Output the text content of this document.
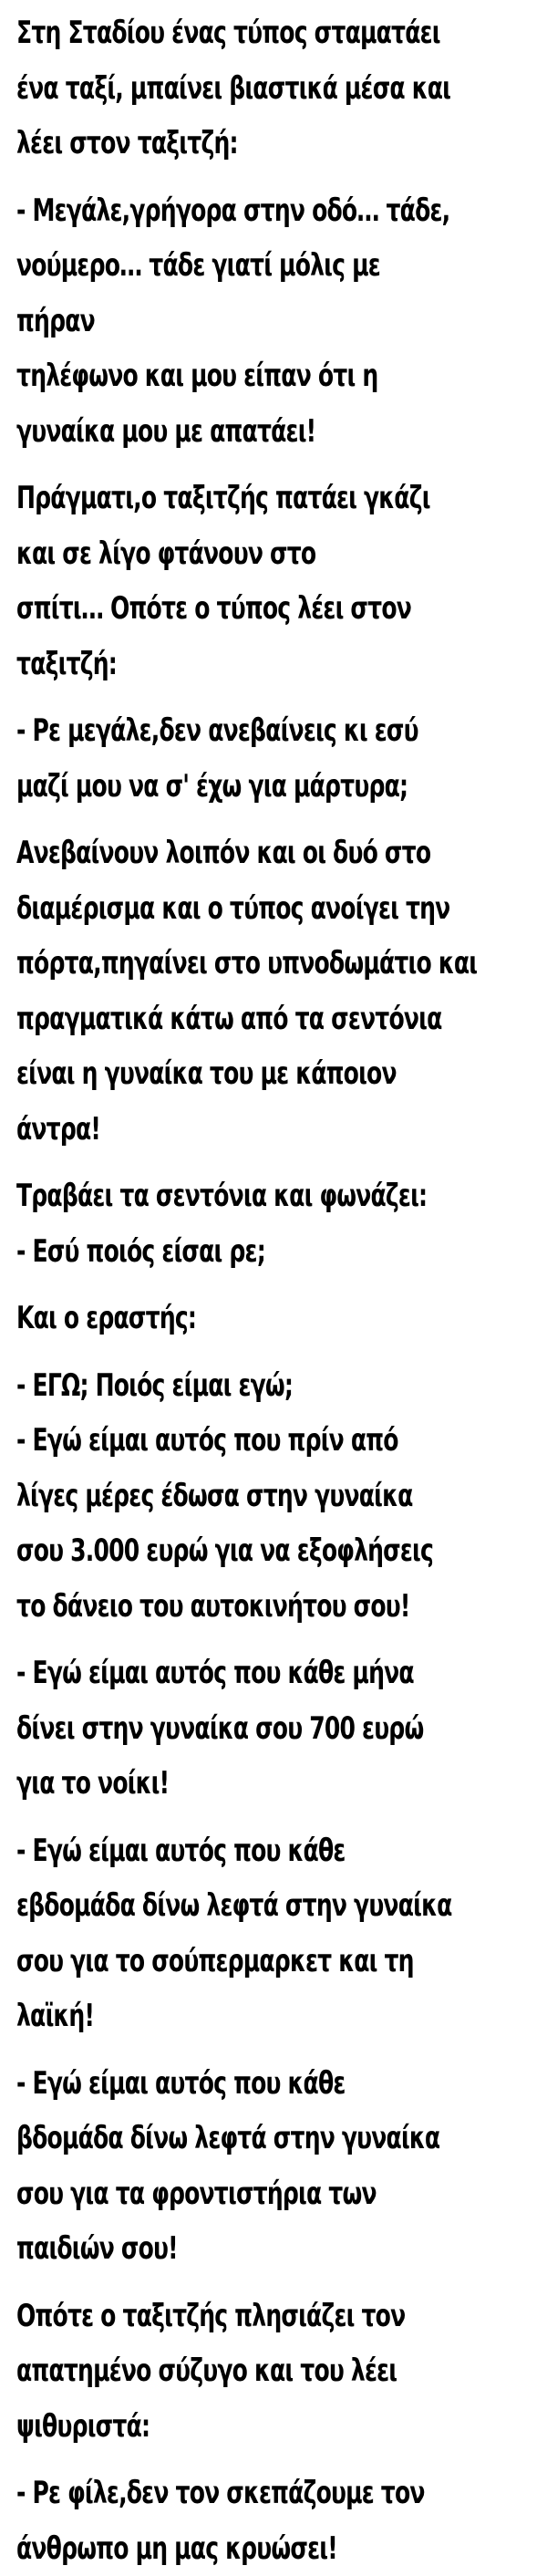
Στη Σταδίου ένας τύπος σταματάει
ένα ταξί, μπαίνει βιαστικά μέσα και
λέει στον ταξιτζή:
- Μεγάλε,γρήγορα στην οδό… τάδε,
νούμερο… τάδε γιατί μόλις με
πήραν
τηλέφωνο και μου είπαν ότι η
γυναίκα μου με απατάει!
Πράγματι,ο ταξιτζής πατάει γκάζι
και σε λίγο φτάνουν στο
σπίτι… Οπότε ο τύπος λέει στον
ταξιτζή:
- Ρε μεγάλε,δεν ανεβαίνεις κι εσύ
μαζί μου να σ' έχω για μάρτυρα;
Ανεβαίνουν λοιπόν και οι δυό στο
διαμέρισμα και ο τύπος ανοίγει την
πόρτα,πηγαίνει στο υπνοδωμάτιο και
πραγματικά κάτω από τα σεντόνια
είναι η γυναίκα του με κάποιον
άντρα!
Τραβάει τα σεντόνια και φωνάζει:
- Εσύ ποιός είσαι ρε;
Και ο εραστής:
- ΕΓΩ; Ποιός είμαι εγώ;
- Εγώ είμαι αυτός που πρίν από
λίγες μέρες έδωσα στην γυναίκα
σου 3.000 ευρώ για να εξοφλήσεις
το δάνειο του αυτοκινήτου σου!
- Εγώ είμαι αυτός που κάθε μήνα
δίνει στην γυναίκα σου 700 ευρώ
για το νοίκι!
- Εγώ είμαι αυτός που κάθε
εβδομάδα δίνω λεφτά στην γυναίκα
σου για το σούπερμαρκετ και τη
λαϊκή!
- Εγώ είμαι αυτός που κάθε
βδομάδα δίνω λεφτά στην γυναίκα
σου για τα φροντιστήρια των
παιδιών σου!
Οπότε ο ταξιτζής πλησιάζει τον
απατημένο σύζυγο και του λέει
ψιθυριστά:
- Ρε φίλε,δεν τον σκεπάζουμε τον
άνθρωπο μη μας κρυώσει!
